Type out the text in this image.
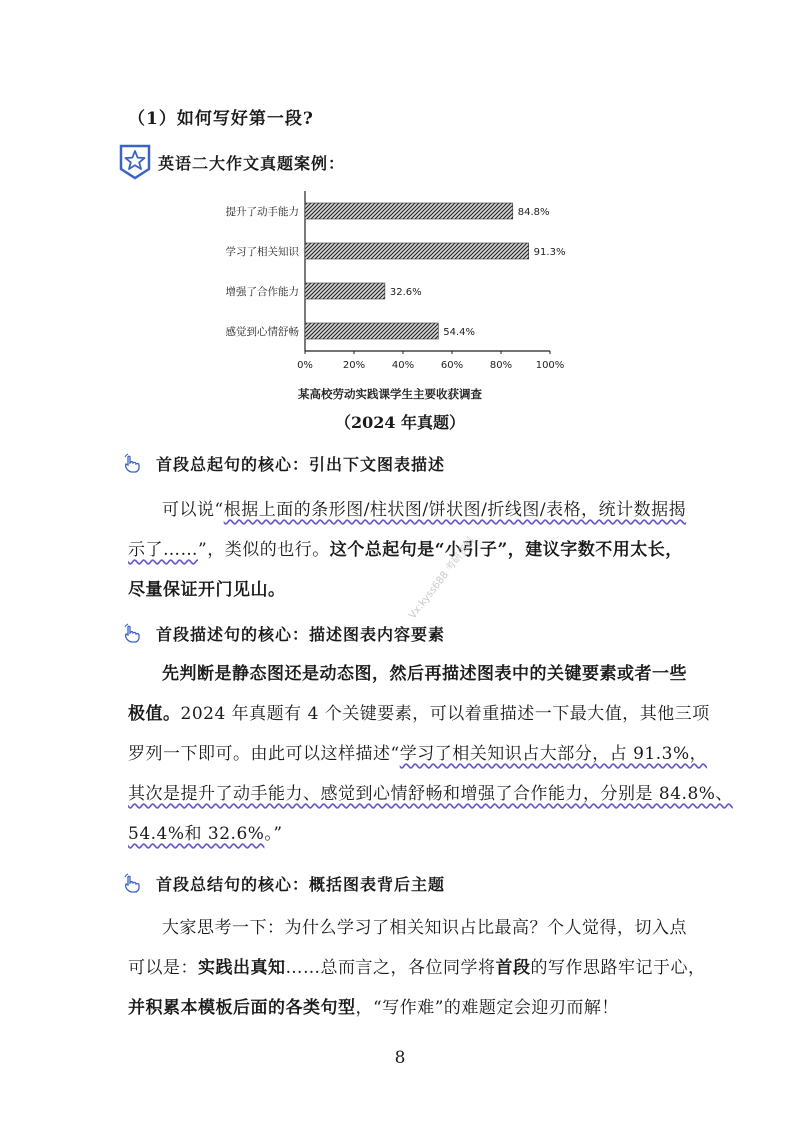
（1）如何写好第一段?
英语二大作文真题案例：
提升了动手能力	84.8%
学习了相关知识	91.3%
增强了合作能力	32.6%
感觉到心情舒畅	54.4%
0%	20%	40%	60%	80% 100%
某高校劳动实践课学生主要收获调查
（2024 年真题）
首段总起句的核心：引出下文图表描述
可以说“根据上面的条形图/柱状图/饼状图/折线图/表格，统计数据揭
示了……”，类似的也行。这个总起句是“小引子”，建议字数不用太长，
尽量保证开门见山。
首段描述句的核心：描述图表内容要素
先判断是静态图还是动态图，然后再描述图表中的关键要素或者一些
极值。2024 年真题有 4 个关键要素，可以着重描述一下最大值，其他三项
罗列一下即可。由此可以这样描述“学习了相关知识占大部分，占 91.3%，
其次是提升了动手能力、感觉到心情舒畅和增强了合作能力，分别是 84.8%、
54.4%和 32.6%。”
首段总结句的核心：概括图表背后主题
大家思考一下：为什么学习了相关知识占比最高？个人觉得，切入点
可以是：实践出真知……总而言之，各位同学将首段的写作思路牢记于心，
并积累本模板后面的各类句型，“写作难”的难题定会迎刃而解！
8
Vx:kyss688 考研资料
